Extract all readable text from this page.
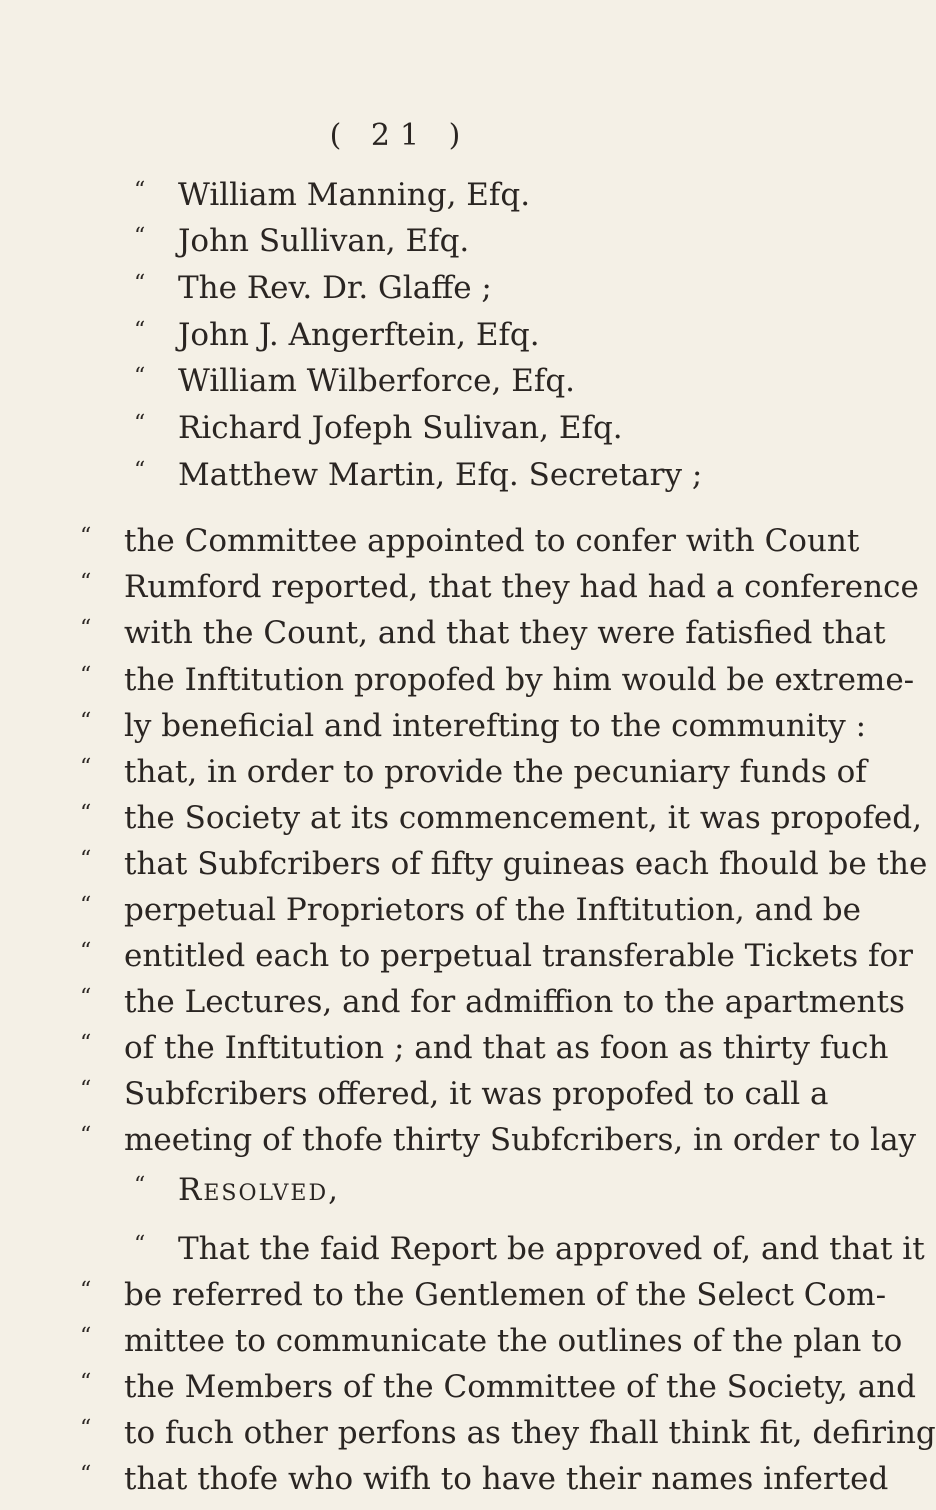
( 21 )
“ William Manning, Efq.
“ John Sullivan, Efq.
“ The Rev. Dr. Glaffe ;
“ John J. Angerftein, Efq.
“ William Wilberforce, Efq.
“ Richard Jofeph Sulivan, Efq.
“ Matthew Martin, Efq. Secretary ;
“ the Committee appointed to confer with Count
“ Rumford reported, that they had had a conference
“ with the Count, and that they were fatisfied that
“ the Inftitution propofed by him would be extreme-
“ ly beneficial and interefting to the community :
“ that, in order to provide the pecuniary funds of
“ the Society at its commencement, it was propofed,
“ that Subfcribers of fifty guineas each fhould be the
“ perpetual Proprietors of the Inftitution, and be
“ entitled each to perpetual transferable Tickets for
“ the Lectures, and for admiffion to the apartments
“ of the Inftitution ; and that as foon as thirty fuch
“ Subfcribers offered, it was propofed to call a
“ meeting of thofe thirty Subfcribers, in order to lay
“ Resolved,
“ That the faid Report be approved of, and that it
“ be referred to the Gentlemen of the Select Com-
“ mittee to communicate the outlines of the plan to
“ the Members of the Committee of the Society, and
“ to fuch other perfons as they fhall think fit, defiring
“ that thofe who wifh to have their names inferted
